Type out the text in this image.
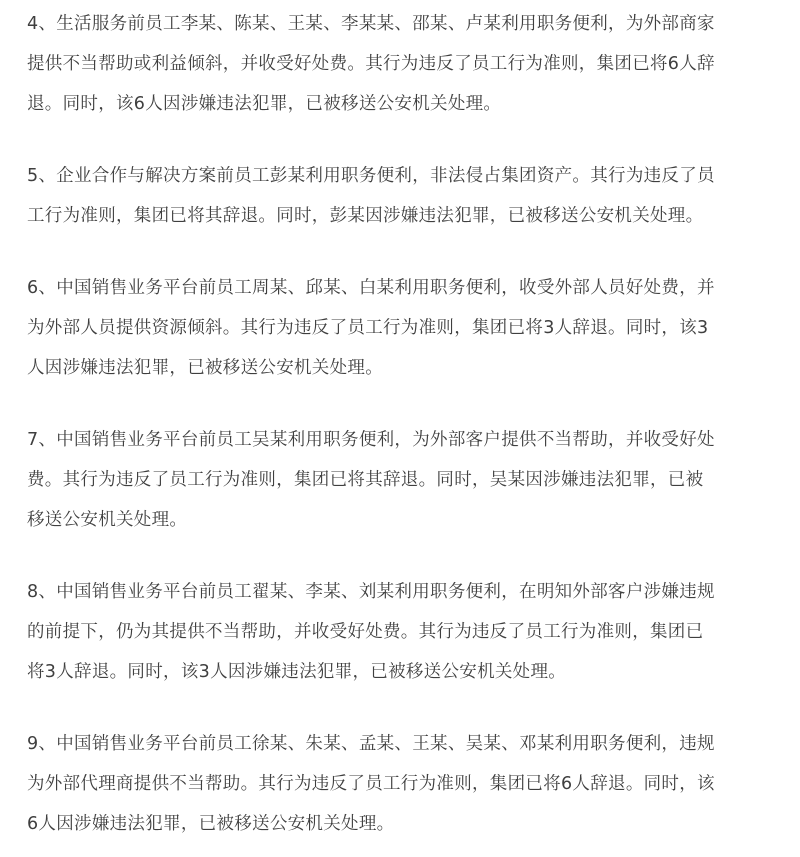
4、生活服务前员工李某、陈某、王某、李某某、邵某、卢某利用职务便利，为外部商家
提供不当帮助或利益倾斜，并收受好处费。其行为违反了员工行为准则，集团已将6人辞
退。同时，该6人因涉嫌违法犯罪，已被移送公安机关处理。
5、企业合作与解决方案前员工彭某利用职务便利，非法侵占集团资产。其行为违反了员
工行为准则，集团已将其辞退。同时，彭某因涉嫌违法犯罪，已被移送公安机关处理。
6、中国销售业务平台前员工周某、邱某、白某利用职务便利，收受外部人员好处费，并
为外部人员提供资源倾斜。其行为违反了员工行为准则，集团已将3人辞退。同时，该3
人因涉嫌违法犯罪，已被移送公安机关处理。
7、中国销售业务平台前员工吴某利用职务便利，为外部客户提供不当帮助，并收受好处
费。其行为违反了员工行为准则，集团已将其辞退。同时，吴某因涉嫌违法犯罪，已被
移送公安机关处理。
8、中国销售业务平台前员工翟某、李某、刘某利用职务便利，在明知外部客户涉嫌违规
的前提下，仍为其提供不当帮助，并收受好处费。其行为违反了员工行为准则，集团已
将3人辞退。同时，该3人因涉嫌违法犯罪，已被移送公安机关处理。
9、中国销售业务平台前员工徐某、朱某、孟某、王某、吴某、邓某利用职务便利，违规
为外部代理商提供不当帮助。其行为违反了员工行为准则，集团已将6人辞退。同时，该
6人因涉嫌违法犯罪，已被移送公安机关处理。
